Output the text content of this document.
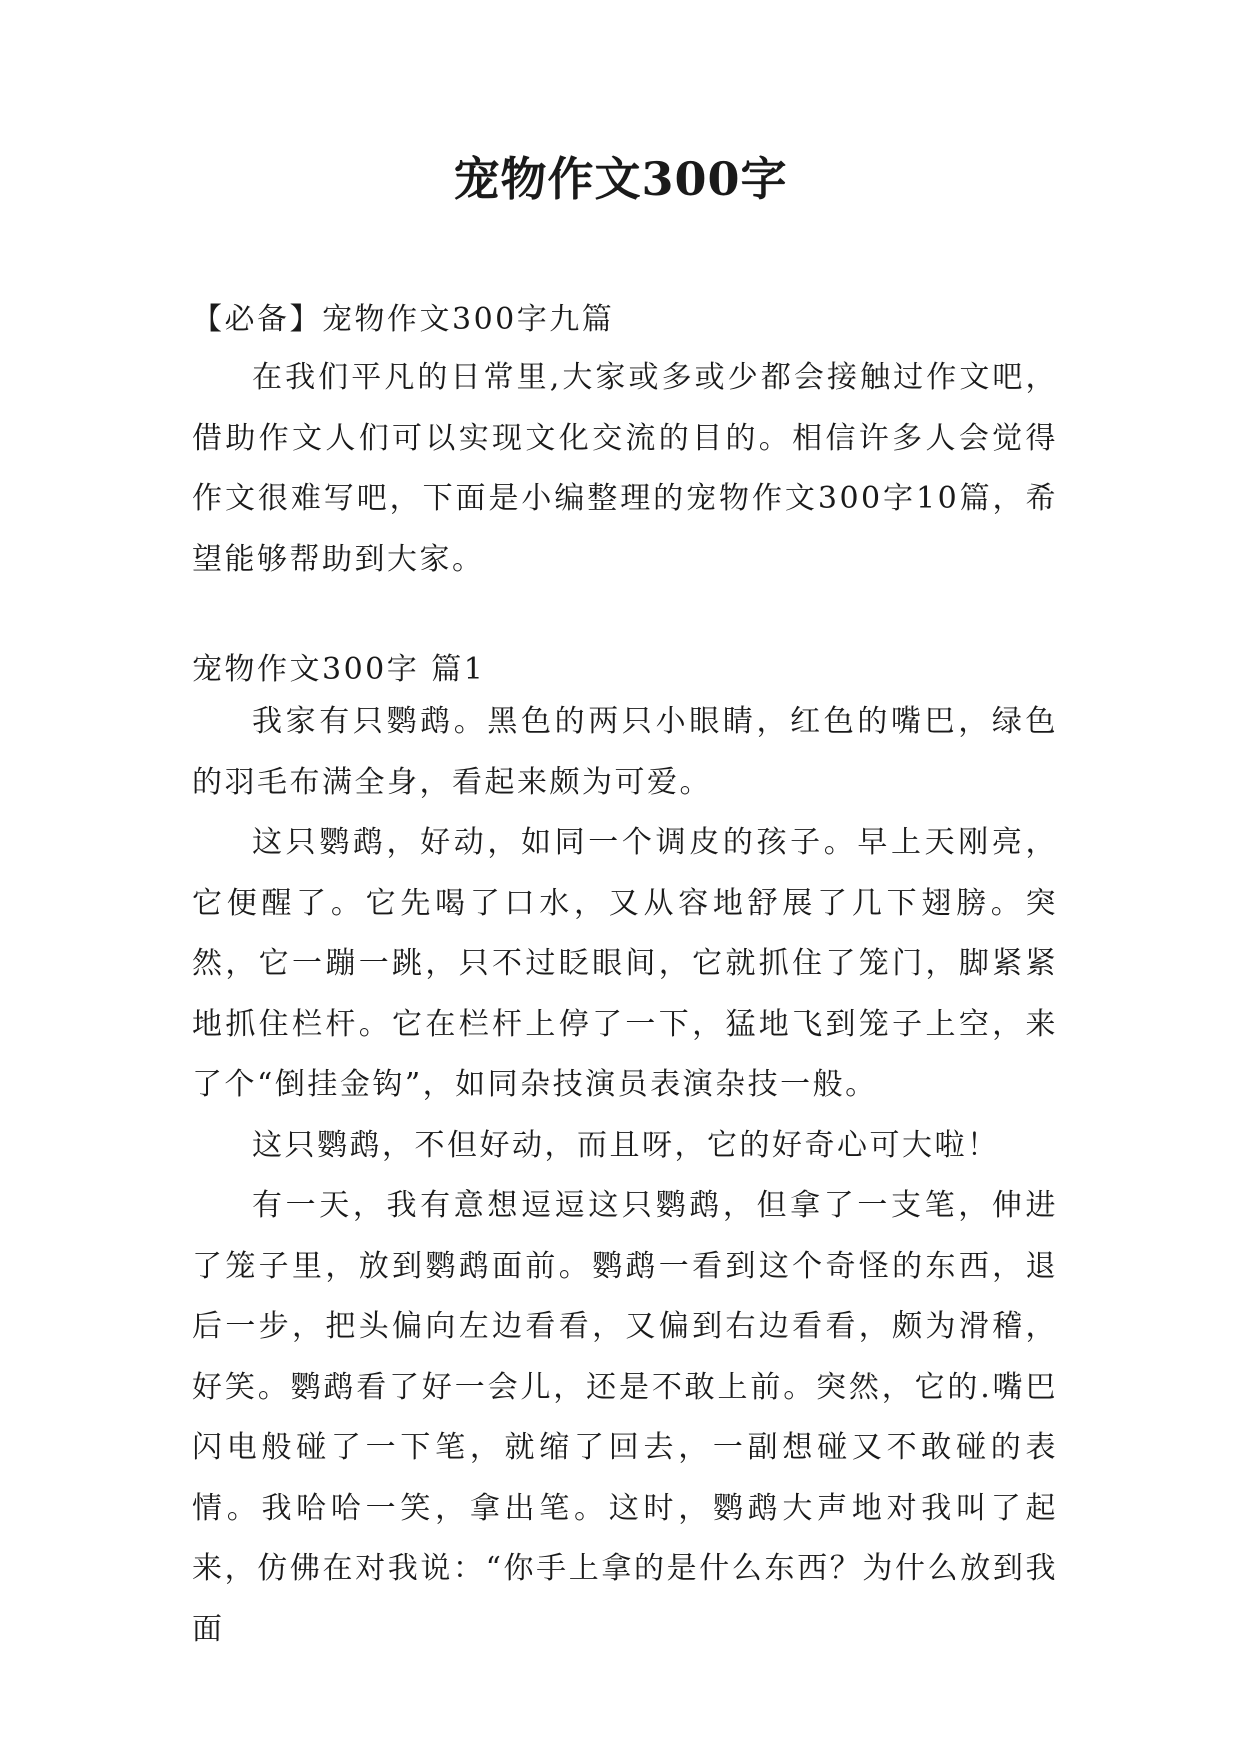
宠物作文300字
【必备】宠物作文300字九篇

在我们平凡的日常里,大家或多或少都会接触过作文吧，借助作文人们可以实现文化交流的目的。相信许多人会觉得作文很难写吧，下面是小编整理的宠物作文300字10篇，希望能够帮助到大家。

宠物作文300字 篇1

我家有只鹦鹉。黑色的两只小眼睛，红色的嘴巴，绿色的羽毛布满全身，看起来颇为可爱。

这只鹦鹉，好动，如同一个调皮的孩子。早上天刚亮，它便醒了。它先喝了口水，又从容地舒展了几下翅膀。突然，它一蹦一跳，只不过眨眼间，它就抓住了笼门，脚紧紧地抓住栏杆。它在栏杆上停了一下，猛地飞到笼子上空，来了个“倒挂金钩”，如同杂技演员表演杂技一般。

这只鹦鹉，不但好动，而且呀，它的好奇心可大啦！

有一天，我有意想逗逗这只鹦鹉，但拿了一支笔，伸进了笼子里，放到鹦鹉面前。鹦鹉一看到这个奇怪的东西，退后一步，把头偏向左边看看，又偏到右边看看，颇为滑稽，好笑。鹦鹉看了好一会儿，还是不敢上前。突然，它的.嘴巴闪电般碰了一下笔，就缩了回去，一副想碰又不敢碰的表情。我哈哈一笑，拿出笔。这时，鹦鹉大声地对我叫了起来，仿佛在对我说：“你手上拿的是什么东西？为什么放到我面
